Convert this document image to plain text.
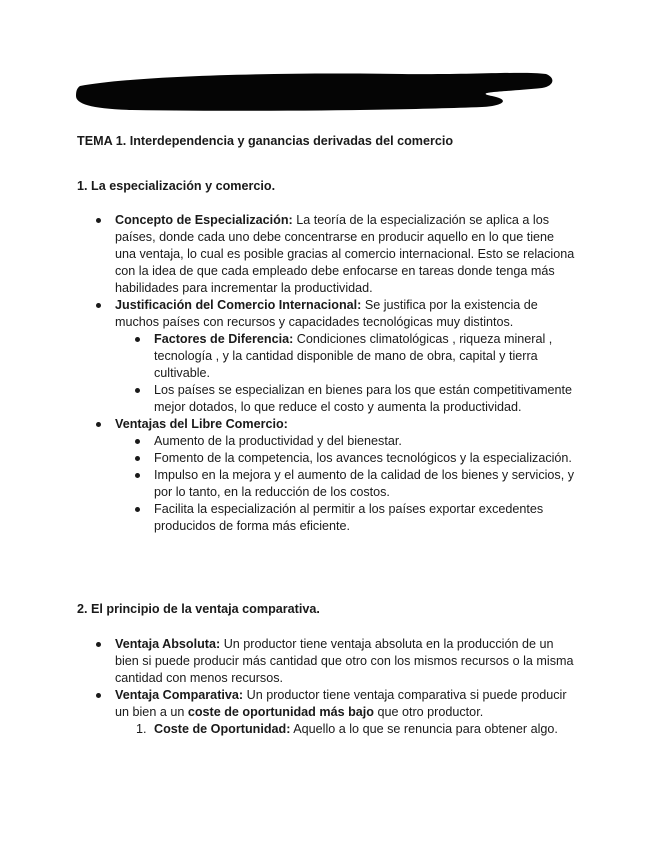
TEMA 1. Interdependencia y ganancias derivadas del comercio

1. La especialización y comercio.

Concepto de Especialización: La teoría de la especialización se aplica a los países, donde cada uno debe concentrarse en producir aquello en lo que tiene una ventaja, lo cual es posible gracias al comercio internacional. Esto se relaciona con la idea de que cada empleado debe enfocarse en tareas donde tenga más habilidades para incrementar la productividad.
Justificación del Comercio Internacional: Se justifica por la existencia de muchos países con recursos y capacidades tecnológicas muy distintos.
Factores de Diferencia: Condiciones climatológicas , riqueza mineral , tecnología , y la cantidad disponible de mano de obra, capital y tierra cultivable.
Los países se especializan en bienes para los que están competitivamente mejor dotados, lo que reduce el costo y aumenta la productividad.
Ventajas del Libre Comercio:
Aumento de la productividad y del bienestar.
Fomento de la competencia, los avances tecnológicos y la especialización.
Impulso en la mejora y el aumento de la calidad de los bienes y servicios, y por lo tanto, en la reducción de los costos.
Facilita la especialización al permitir a los países exportar excedentes producidos de forma más eficiente.

2. El principio de la ventaja comparativa.

Ventaja Absoluta: Un productor tiene ventaja absoluta en la producción de un bien si puede producir más cantidad que otro con los mismos recursos o la misma cantidad con menos recursos.
Ventaja Comparativa: Un productor tiene ventaja comparativa si puede producir un bien a un coste de oportunidad más bajo que otro productor.
1. Coste de Oportunidad: Aquello a lo que se renuncia para obtener algo.
